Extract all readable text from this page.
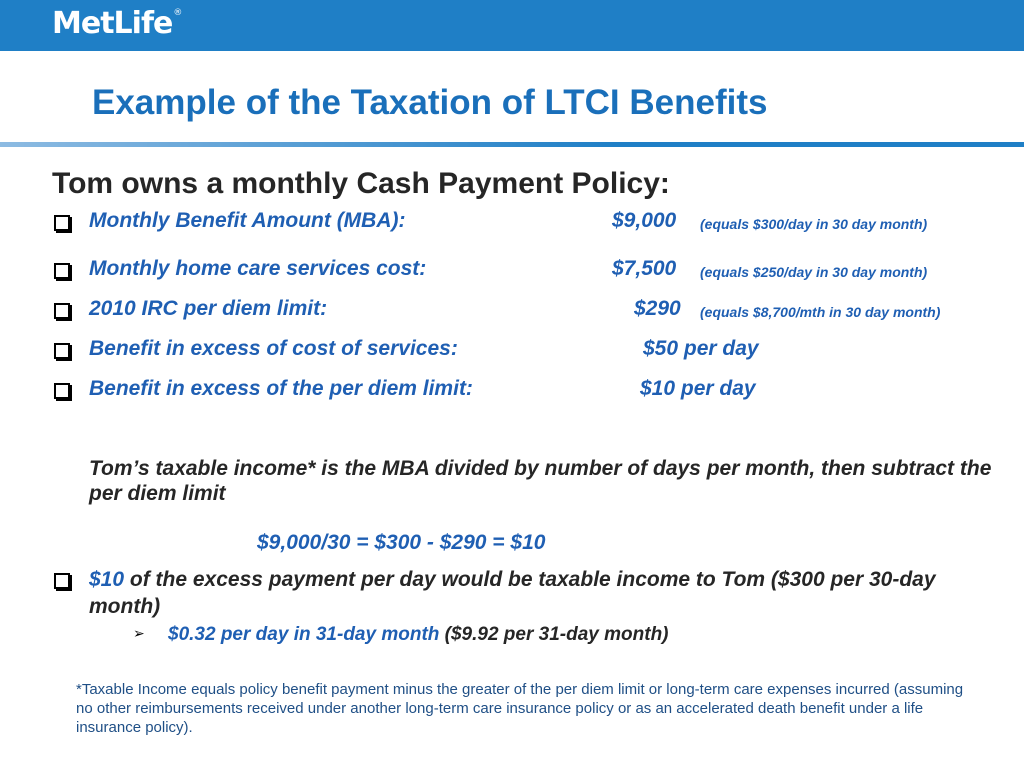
MetLife®
Example of the Taxation of LTCI Benefits
Tom owns a monthly Cash Payment Policy:
Monthly Benefit Amount (MBA):	$9,000 (equals $300/day in 30 day month)
Monthly home care services cost:	$7,500 (equals $250/day in 30 day month)
2010 IRC per diem limit:	$290 (equals $8,700/mth in 30 day month)
Benefit in excess of cost of services:	$50 per day
Benefit in excess of the per diem limit:	$10 per day
Tom’s taxable income* is the MBA divided by number of days per month, then subtract the per diem limit
$9,000/30 = $300 - $290 = $10
$10 of the excess payment per day would be taxable income to Tom ($300 per 30-day month)
➢ $0.32 per day in 31-day month ($9.92 per 31-day month)
*Taxable Income equals policy benefit payment minus the greater of the per diem limit or long-term care expenses incurred (assuming no other reimbursements received under another long-term care insurance policy or as an accelerated death benefit under a life insurance policy).
